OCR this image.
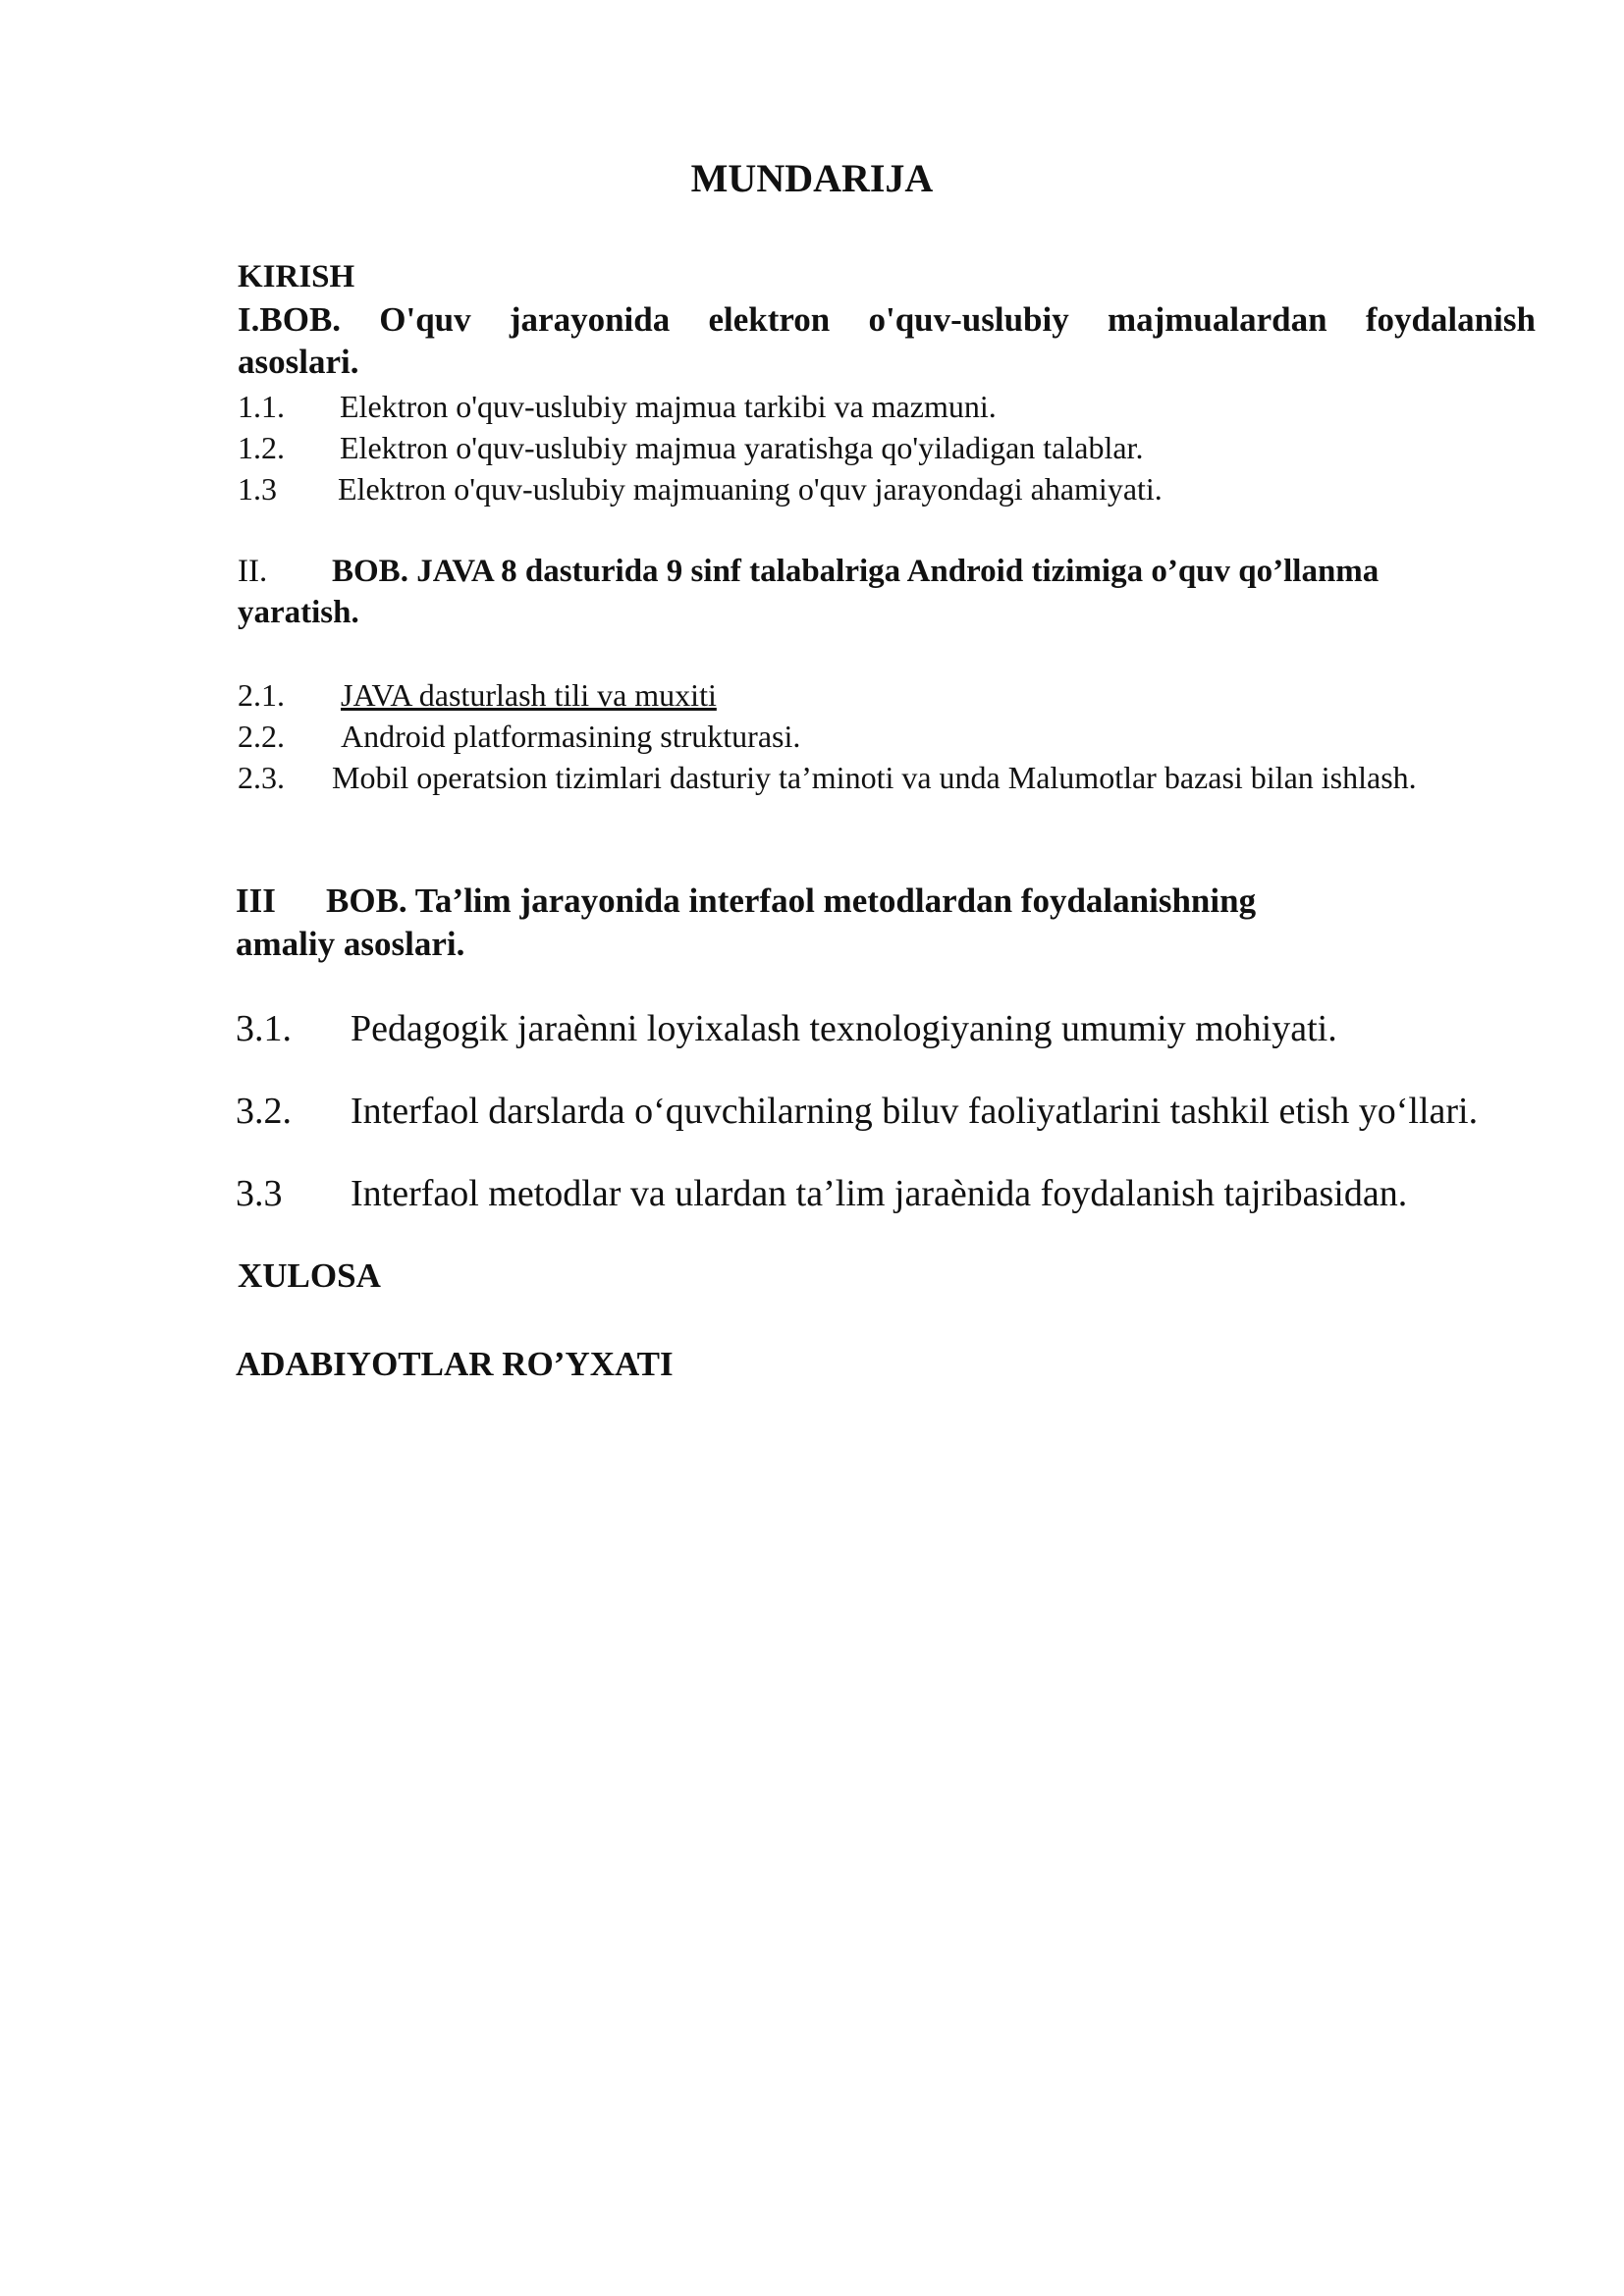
MUNDARIJA
KIRISH
I.BOB. O'quv jarayonida elektron o'quv-uslubiy majmualardan foydalanish
asoslari.
1.1. Elektron o'quv-uslubiy majmua tarkibi va mazmuni.
1.2. Elektron o'quv-uslubiy majmua yaratishga qo'yiladigan talablar.
1.3 Elektron o'quv-uslubiy majmuaning o'quv jarayondagi ahamiyati.
II. BOB. JAVA 8 dasturida 9 sinf talabalriga Android tizimiga o’quv qo’llanma
yaratish.
2.1. JAVA dasturlash tili va muxiti
2.2. Android platformasining strukturasi.
2.3. Mobil operatsion tizimlari dasturiy ta’minoti va unda Malumotlar bazasi bilan ishlash.
III BOB. Ta’lim jarayonida interfaol metodlardan foydalanishning
amaliy asoslari.
3.1. Pedagogik jaraènni loyixalash texnologiyaning umumiy mohiyati.
3.2. Interfaol darslarda o‘quvchilarning biluv faoliyatlarini tashkil etish yo‘llari.
3.3 Interfaol metodlar va ulardan ta’lim jaraènida foydalanish tajribasidan.
XULOSA
ADABIYOTLAR RO’YXATI
